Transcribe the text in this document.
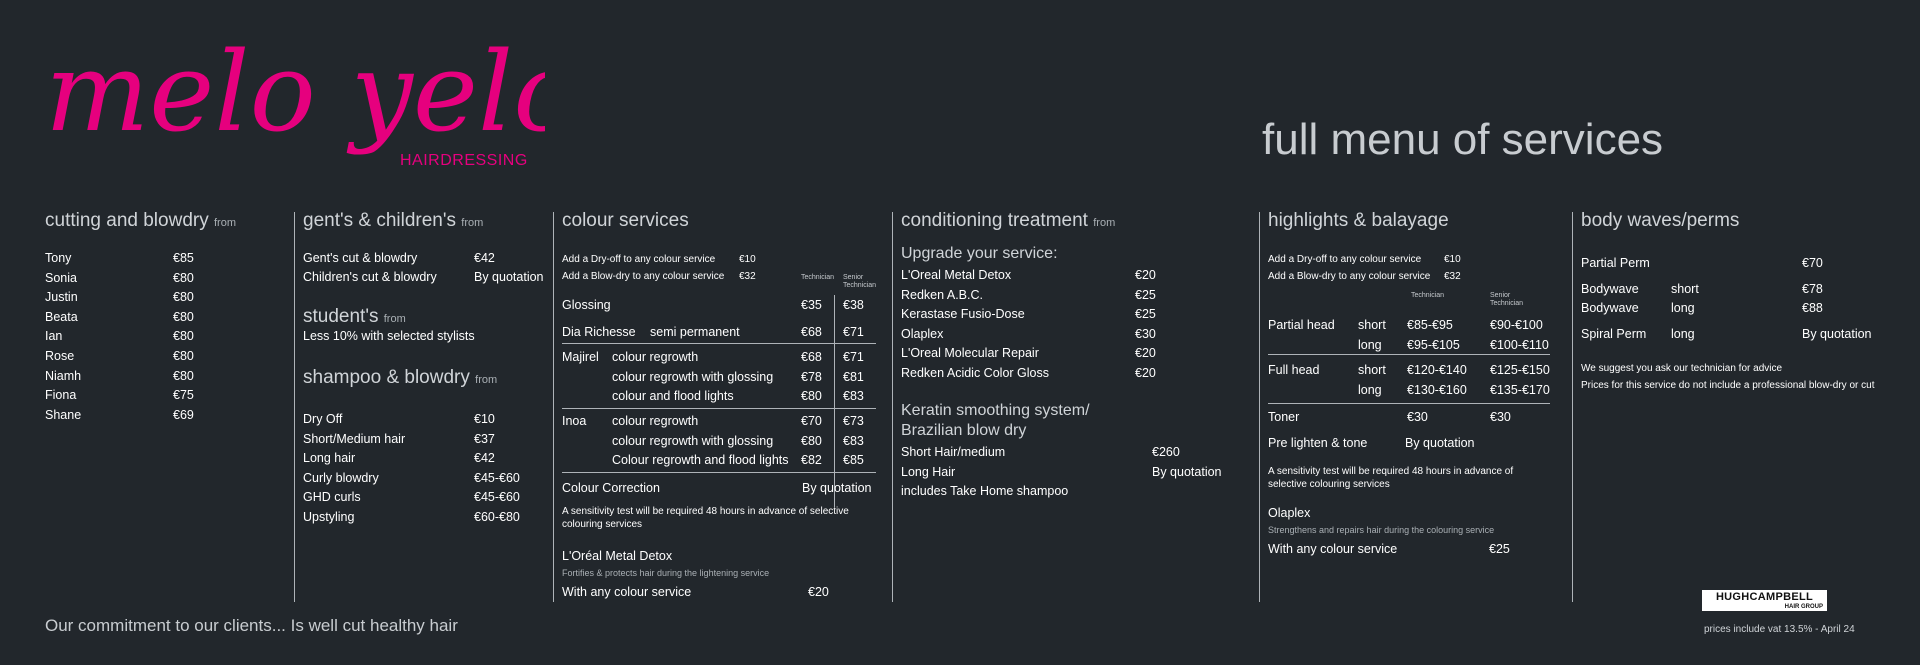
melo yelo
HAIRDRESSING	full menu of services
cutting and blowdry from
Tony	€85
Sonia	€80
Justin	€80
Beata	€80
Ian	€80
Rose	€80
Niamh	€80
Fiona	€75
Shane	€69
gent's & children's from
Gent's cut & blowdry	€42
Children's cut & blowdry	By quotation
student's from
Less 10% with selected stylists
shampoo & blowdry from
Dry Off	€10
Short/Medium hair	€37
Long hair	€42
Curly blowdry	€45-€60
GHD curls	€45-€60
Upstyling	€60-€80
colour services
Add a Dry-off to any colour service €10
Add a Blow-dry to any colour service €32	Technician Senior Technician
Glossing	€35 €38
Dia Richesse semi permanent	€68 €71
Majirel colour regrowth	€68 €71
colour regrowth with glossing €78 €81
colour and flood lights	€80 €83
Inoa colour regrowth	€70 €73
colour regrowth with glossing €80 €83
Colour regrowth and flood lights €82 €85
Colour Correction	By quotation
A sensitivity test will be required 48 hours in advance of selective colouring services
L'Oréal Metal Detox
Fortifies & protects hair during the lightening service
With any colour service	€20
conditioning treatment from
Upgrade your service:
L'Oreal Metal Detox	€20
Redken A.B.C.	€25
Kerastase Fusio-Dose	€25
Olaplex	€30
L'Oreal Molecular Repair	€20
Redken Acidic Color Gloss	€20
Keratin smoothing system/
Brazilian blow dry
Short Hair/medium	€260
Long Hair	By quotation
includes Take Home shampoo
highlights & balayage
Add a Dry-off to any colour service €10
Add a Blow-dry to any colour service €32
Technician	Senior Technician
Partial head short €85-€95	€90-€100
long €95-€105 €100-€110
Full head	short €120-€140 €125-€150
long €130-€160 €135-€170
Toner	€30	€30
Pre lighten & tone	By quotation
A sensitivity test will be required 48 hours in advance of selective colouring services
Olaplex
Strengthens and repairs hair during the colouring service
With any colour service	€25
body waves/perms
Partial Perm	€70
Bodywave	short	€78
Bodywave	long	€88
Spiral Perm long	By quotation
We suggest you ask our technician for advice
Prices for this service do not include a professional blow-dry or cut
Our commitment to our clients... Is well cut healthy hair
HUGHCAMPBELL
HAIR GROUP
prices include vat 13.5% - April 24
